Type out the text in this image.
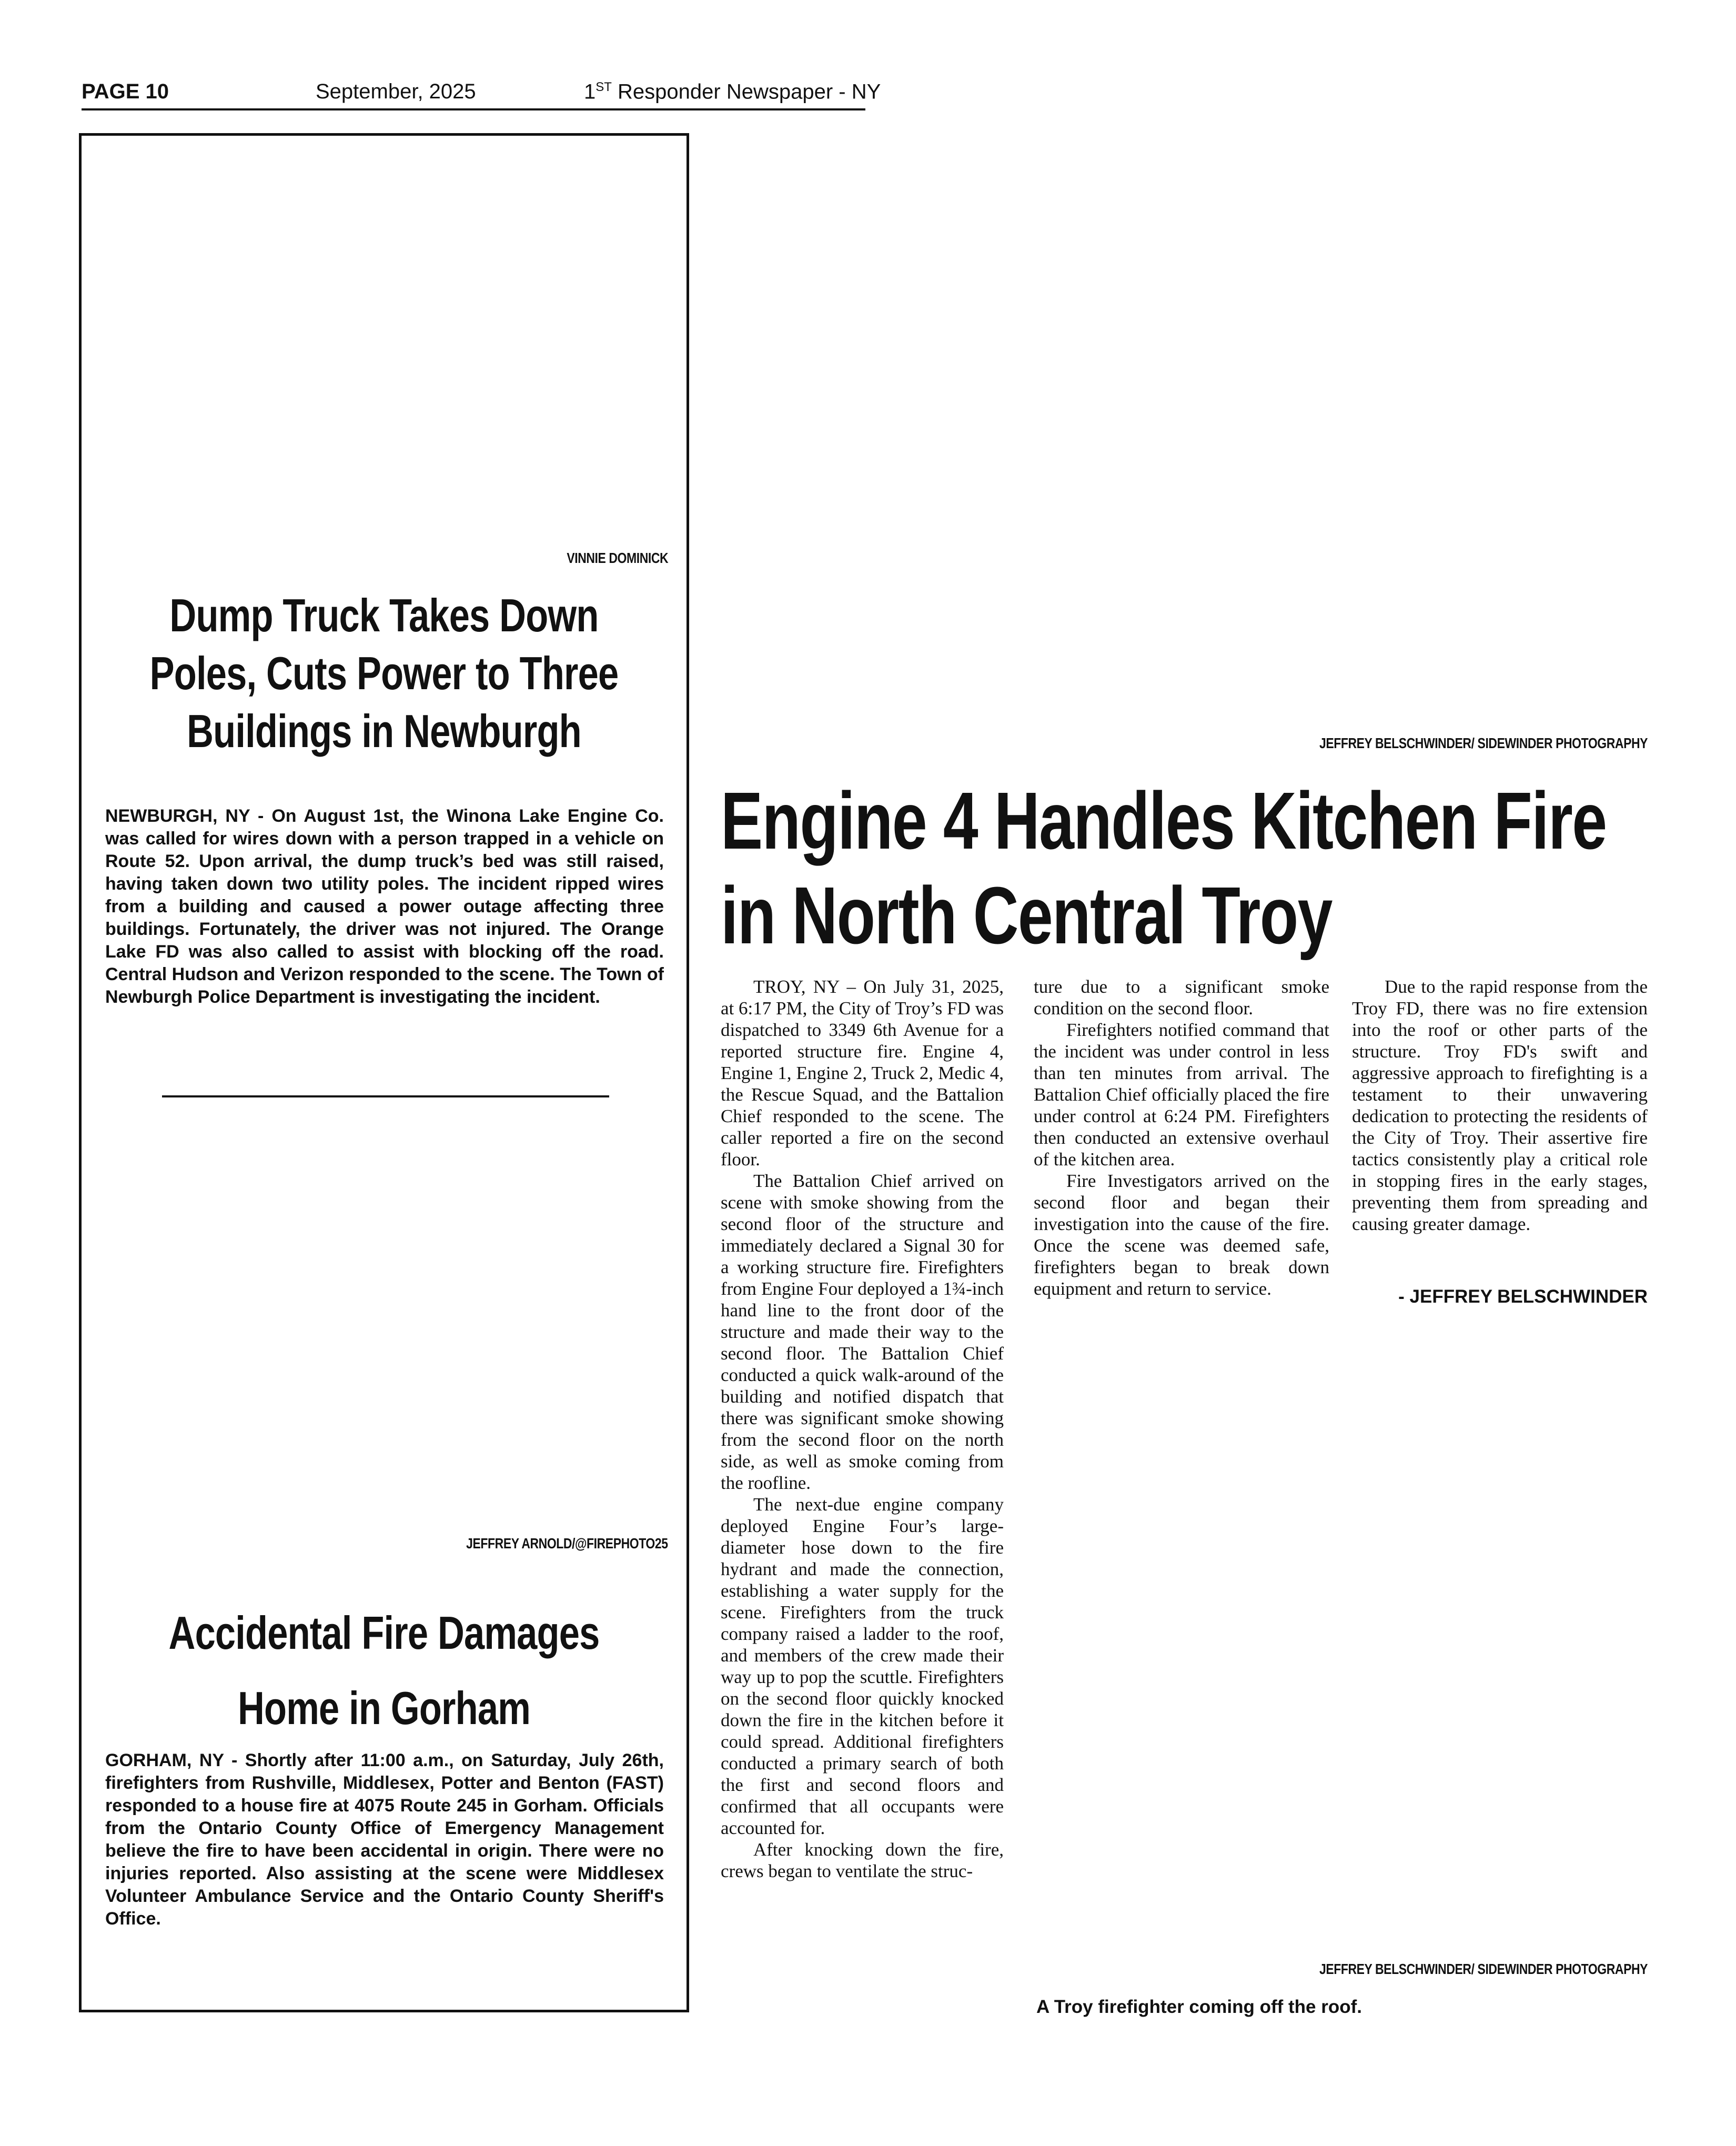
PAGE 10	September, 2025	1ST Responder Newspaper - NY
VINNIE DOMINICK
Dump Truck Takes Down
Poles, Cuts Power to Three
Buildings in Newburgh
NEWBURGH, NY - On August 1st, the Winona Lake Engine Co. was called for wires down with a person trapped in a vehicle on Route 52. Upon arrival, the dump truck’s bed was still raised, having taken down two utility poles. The incident ripped wires from a building and caused a power outage affecting three buildings. Fortunately, the driver was not injured. The Orange Lake FD was also called to assist with blocking off the road. Central Hudson and Verizon responded to the scene. The Town of Newburgh Police Department is investigating the incident.
JEFFREY ARNOLD/@FIREPHOTO25
Accidental Fire Damages
Home in Gorham
GORHAM, NY - Shortly after 11:00 a.m., on Saturday, July 26th, firefighters from Rushville, Middlesex, Potter and Benton (FAST) responded to a house fire at 4075 Route 245 in Gorham. Officials from the Ontario County Office of Emergency Management believe the fire to have been accidental in origin. There were no injuries reported. Also assisting at the scene were Middlesex Volunteer Ambulance Service and the Ontario County Sheriff's Office.
JEFFREY BELSCHWINDER/ SIDEWINDER PHOTOGRAPHY
Engine 4 Handles Kitchen Fire
in North Central Troy

TROY, NY – On July 31, 2025, at 6:17 PM, the City of Troy’s FD was dispatched to 3349 6th Avenue for a reported structure fire. Engine 4, Engine 1, Engine 2, Truck 2, Medic 4, the Rescue Squad, and the Battalion Chief responded to the scene. The caller reported a fire on the second floor.

The Battalion Chief arrived on scene with smoke showing from the second floor of the structure and immediately declared a Signal 30 for a working structure fire. Firefighters from Engine Four deployed a 1¾-inch hand line to the front door of the structure and made their way to the second floor. The Battalion Chief conducted a quick walk-around of the building and notified dispatch that there was significant smoke showing from the second floor on the north side, as well as smoke coming from the roofline.

The next-due engine company deployed Engine Four’s large-diameter hose down to the fire hydrant and made the connection, establishing a water supply for the scene. Firefighters from the truck company raised a ladder to the roof, and members of the crew made their way up to pop the scuttle. Firefighters on the second floor quickly knocked down the fire in the kitchen before it could spread. Additional firefighters conducted a primary search of both the first and second floors and confirmed that all occupants were accounted for.

After knocking down the fire, crews began to ventilate the struc-

ture due to a significant smoke condition on the second floor.

Firefighters notified command that the incident was under control in less than ten minutes from arrival. The Battalion Chief officially placed the fire under control at 6:24 PM. Firefighters then conducted an extensive overhaul of the kitchen area.

Fire Investigators arrived on the second floor and began their investigation into the cause of the fire. Once the scene was deemed safe, firefighters began to break down equipment and return to service.

Due to the rapid response from the Troy FD, there was no fire extension into the roof or other parts of the structure. Troy FD's swift and aggressive approach to firefighting is a testament to their unwavering dedication to protecting the residents of the City of Troy. Their assertive fire tactics consistently play a critical role in stopping fires in the early stages, preventing them from spreading and causing greater damage.

- JEFFREY BELSCHWINDER
JEFFREY BELSCHWINDER/ SIDEWINDER PHOTOGRAPHY
A Troy firefighter coming off the roof.
